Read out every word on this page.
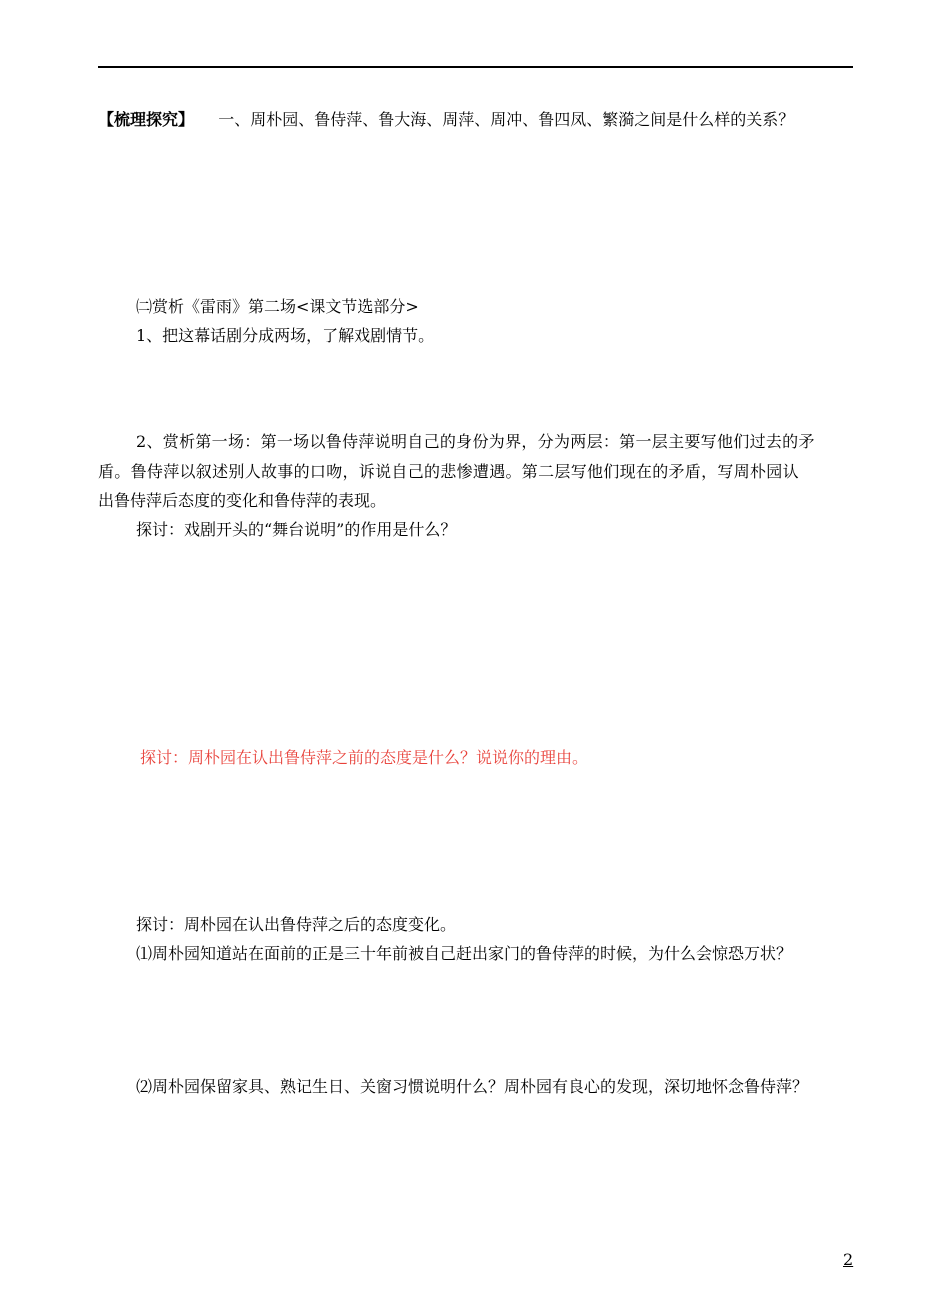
【梳理探究】 一、周朴园、鲁侍萍、鲁大海、周萍、周冲、鲁四凤、繁漪之间是什么样的关系？
㈡赏析《雷雨》第二场<课文节选部分>
1、把这幕话剧分成两场，了解戏剧情节。
2、赏析第一场：第一场以鲁侍萍说明自己的身份为界，分为两层：第一层主要写他们过去的矛
盾。鲁侍萍以叙述别人故事的口吻，诉说自己的悲惨遭遇。第二层写他们现在的矛盾，写周朴园认
出鲁侍萍后态度的变化和鲁侍萍的表现。
探讨：戏剧开头的“舞台说明”的作用是什么？
探讨：周朴园在认出鲁侍萍之前的态度是什么？说说你的理由。
探讨：周朴园在认出鲁侍萍之后的态度变化。
⑴周朴园知道站在面前的正是三十年前被自己赶出家门的鲁侍萍的时候，为什么会惊恐万状？
⑵周朴园保留家具、熟记生日、关窗习惯说明什么？周朴园有良心的发现，深切地怀念鲁侍萍？
2
